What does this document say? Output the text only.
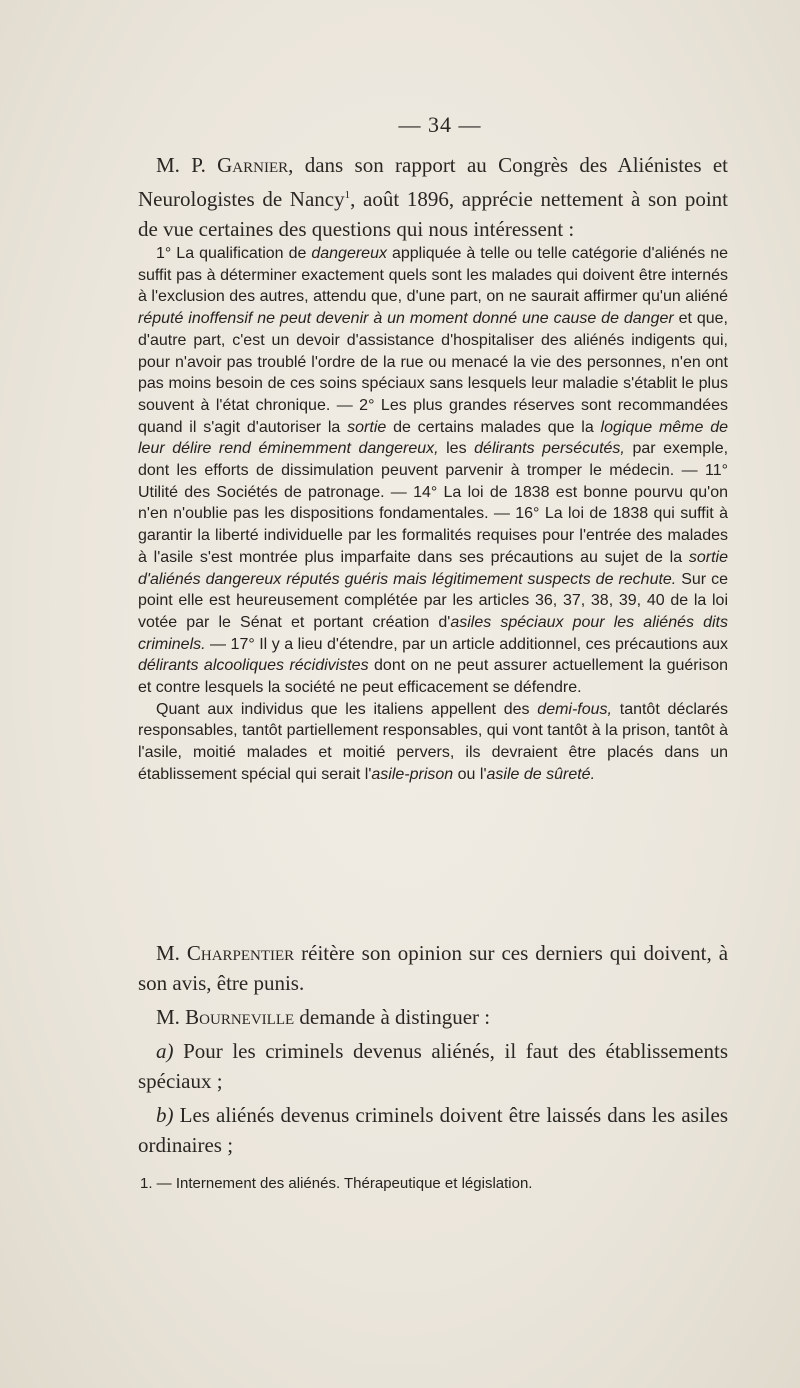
— 34 —

M. P. Garnier, dans son rapport au Congrès des Aliénistes et Neurologistes de Nancy$^1$, août 1896, apprécie nettement à son point de vue certaines des questions qui nous intéressent :

1° La qualification de dangereux appliquée à telle ou telle catégorie d'aliénés ne suffit pas à déterminer exactement quels sont les malades qui doivent être internés à l'exclusion des autres, attendu que, d'une part, on ne saurait affirmer qu'un aliéné réputé inoffensif ne peut devenir à un moment donné une cause de danger et que, d'autre part, c'est un devoir d'assistance d'hospitaliser des aliénés indigents qui, pour n'avoir pas troublé l'ordre de la rue ou menacé la vie des personnes, n'en ont pas moins besoin de ces soins spéciaux sans lesquels leur maladie s'établit le plus souvent à l'état chronique. — 2° Les plus grandes réserves sont recommandées quand il s'agit d'autoriser la sortie de certains malades que la logique même de leur délire rend éminemment dangereux, les délirants persécutés, par exemple, dont les efforts de dissimulation peuvent parvenir à tromper le médecin. — 11° Utilité des Sociétés de patronage. — 14° La loi de 1838 est bonne pourvu qu'on n'en n'oublie pas les dispositions fondamentales. — 16° La loi de 1838 qui suffit à garantir la liberté individuelle par les formalités requises pour l'entrée des malades à l'asile s'est montrée plus imparfaite dans ses précautions au sujet de la sortie d'aliénés dangereux réputés guéris mais légitimement suspects de rechute. Sur ce point elle est heureusement complétée par les articles 36, 37, 38, 39, 40 de la loi votée par le Sénat et portant création d'asiles spéciaux pour les aliénés dits criminels. — 17° Il y a lieu d'étendre, par un article additionnel, ces précautions aux délirants alcooliques récidivistes dont on ne peut assurer actuellement la guérison et contre lesquels la société ne peut efficacement se défendre.

Quant aux individus que les italiens appellent des demi-fous, tantôt déclarés responsables, tantôt partiellement responsables, qui vont tantôt à la prison, tantôt à l'asile, moitié malades et moitié pervers, ils devraient être placés dans un établissement spécial qui serait l'asile-prison ou l'asile de sûreté.

M. Charpentier réitère son opinion sur ces derniers qui doivent, à son avis, être punis.

M. Bourneville demande à distinguer :

a) Pour les criminels devenus aliénés, il faut des établissements spéciaux ;

b) Les aliénés devenus criminels doivent être laissés dans les asiles ordinaires ;

1. — Internement des aliénés. Thérapeutique et législation.
